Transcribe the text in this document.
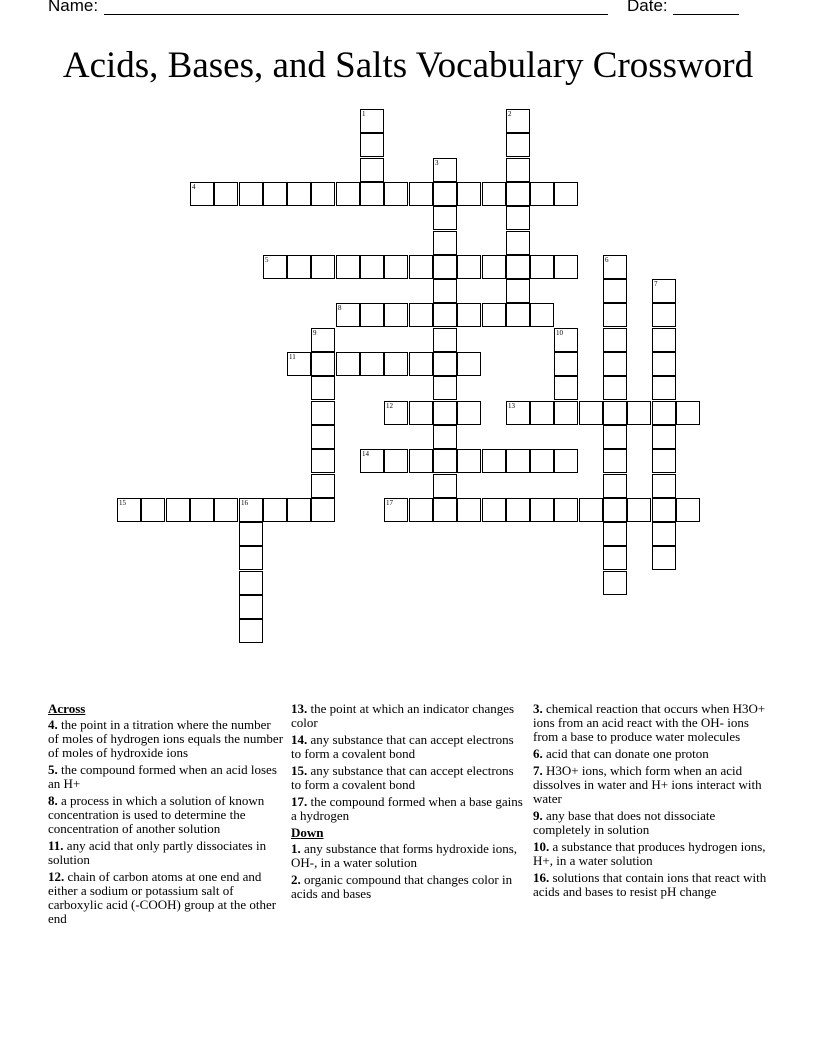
Name:	Date:
Acids, Bases, and Salts Vocabulary Crossword
4
5
8
11
12	13
14
15	16	17
1	2
3
6
7
9	10
Across
4. the point in a titration where the number of moles of hydrogen ions equals the number of moles of hydroxide ions
5. the compound formed when an acid loses an H+
8. a process in which a solution of known concentration is used to determine the concentration of another solution
11. any acid that only partly dissociates in solution
12. chain of carbon atoms at one end and either a sodium or potassium salt of carboxylic acid (-COOH) group at the other end
13. the point at which an indicator changes color
14. any substance that can accept electrons to form a covalent bond
15. any substance that can accept electrons to form a covalent bond
17. the compound formed when a base gains a hydrogen
Down
1. any substance that forms hydroxide ions, OH-, in a water solution
2. organic compound that changes color in acids and bases
3. chemical reaction that occurs when H3O+ ions from an acid react with the OH- ions from a base to produce water molecules
6. acid that can donate one proton
7. H3O+ ions, which form when an acid dissolves in water and H+ ions interact with water
9. any base that does not dissociate completely in solution
10. a substance that produces hydrogen ions, H+, in a water solution
16. solutions that contain ions that react with acids and bases to resist pH change
